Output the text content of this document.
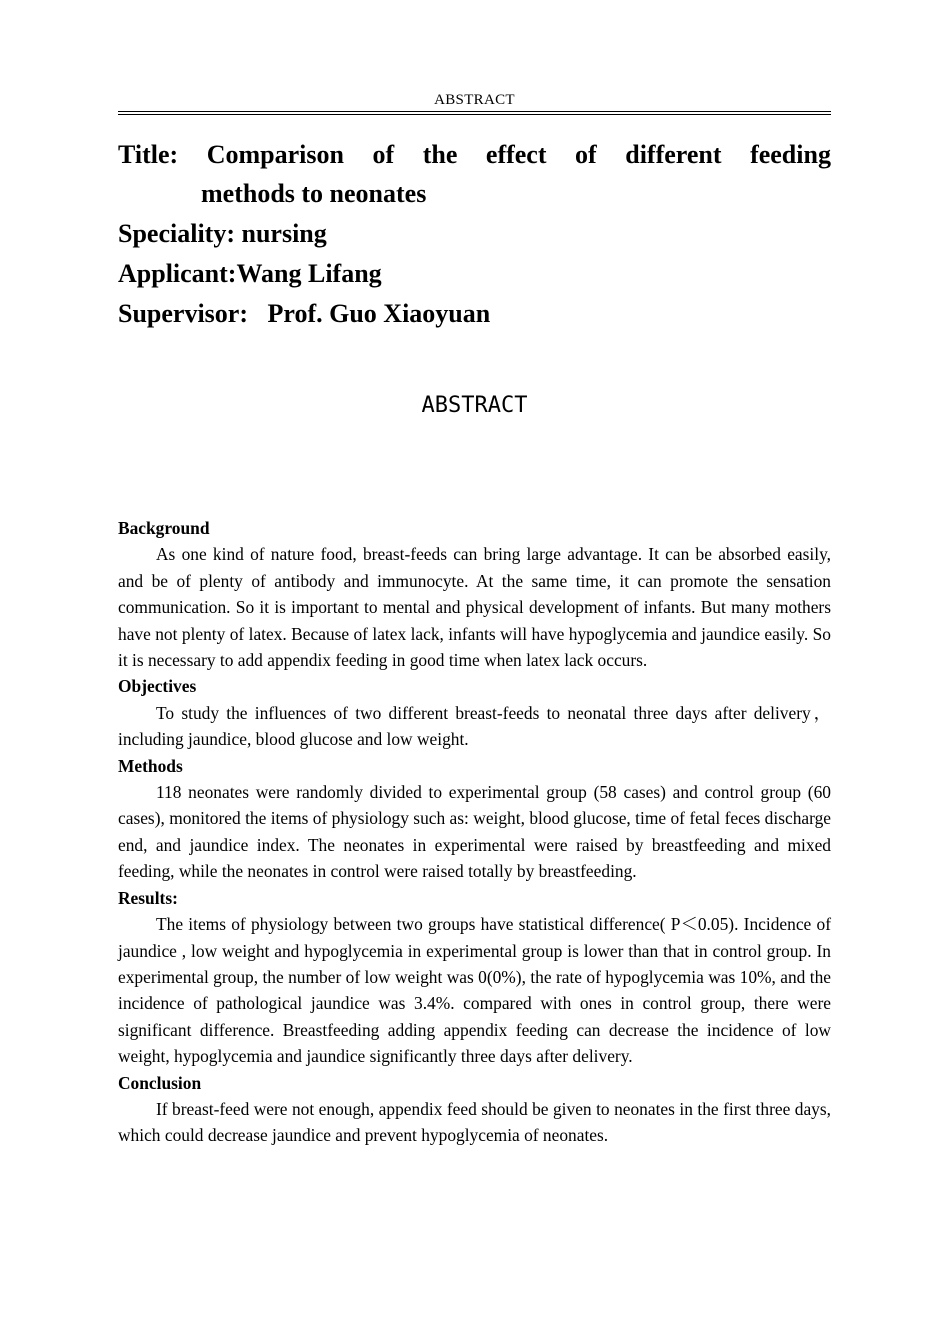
ABSTRACT
Title: Comparison of the effect of different feeding
methods to neonates
Speciality: nursing
Applicant:Wang Lifang
Supervisor:   Prof. Guo Xiaoyuan
ABSTRACT

Background

As one kind of nature food, breast-feeds can bring large advantage. It can be absorbed easily, and be of plenty of antibody and immunocyte. At the same time, it can promote the sensation communication. So it is important to mental and physical development of infants. But many mothers have not plenty of latex. Because of latex lack, infants will have hypoglycemia and jaundice easily. So it is necessary to add appendix feeding in good time when latex lack occurs.

Objectives

To study the influences of two different breast-feeds to neonatal three days after delivery，including jaundice, blood glucose and low weight.

Methods

118 neonates were randomly divided to experimental group (58 cases) and control group (60 cases), monitored the items of physiology such as: weight, blood glucose, time of fetal feces discharge end, and jaundice index. The neonates in experimental were raised by breastfeeding and mixed feeding, while the neonates in control were raised totally by breastfeeding.

Results:

The items of physiology between two groups have statistical difference( P＜0.05). Incidence of jaundice , low weight and hypoglycemia in experimental group is lower than that in control group. In experimental group, the number of low weight was 0(0%), the rate of hypoglycemia was 10%, and the incidence of pathological jaundice was 3.4%. compared with ones in control group, there were significant difference. Breastfeeding adding appendix feeding can decrease the incidence of low weight, hypoglycemia and jaundice significantly three days after delivery.

Conclusion

If breast-feed were not enough, appendix feed should be given to neonates in the first three days, which could decrease jaundice and prevent hypoglycemia of neonates.
